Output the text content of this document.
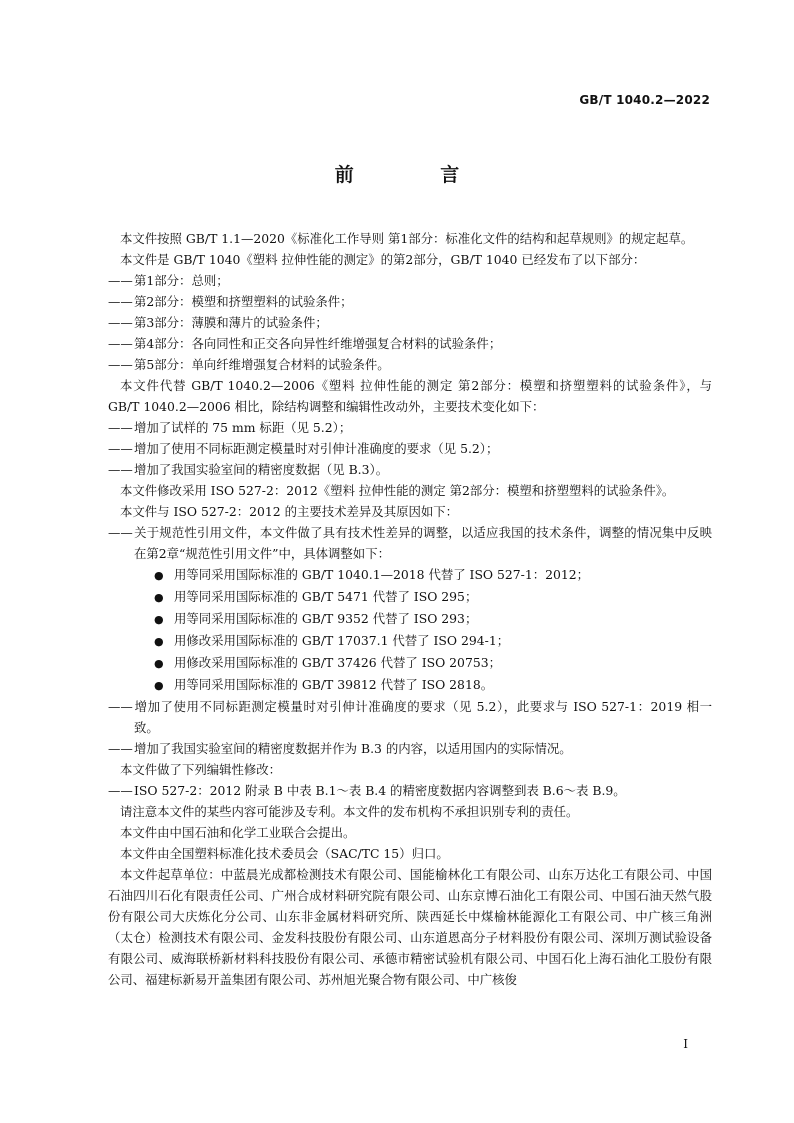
GB/T 1040.2—2022
前 言

本文件按照 GB/T 1.1—2020《标准化工作导则 第1部分：标准化文件的结构和起草规则》的规定起草。

本文件是 GB/T 1040《塑料 拉伸性能的测定》的第2部分，GB/T 1040 已经发布了以下部分：

——第1部分：总则；

——第2部分：模塑和挤塑塑料的试验条件；

——第3部分：薄膜和薄片的试验条件；

——第4部分：各向同性和正交各向异性纤维增强复合材料的试验条件；

——第5部分：单向纤维增强复合材料的试验条件。

本文件代替 GB/T 1040.2—2006《塑料 拉伸性能的测定 第2部分：模塑和挤塑塑料的试验条件》，与 GB/T 1040.2—2006 相比，除结构调整和编辑性改动外，主要技术变化如下：

——增加了试样的 75 mm 标距（见 5.2）；

——增加了使用不同标距测定模量时对引伸计准确度的要求（见 5.2）；

——增加了我国实验室间的精密度数据（见 B.3）。

本文件修改采用 ISO 527-2：2012《塑料 拉伸性能的测定 第2部分：模塑和挤塑塑料的试验条件》。

本文件与 ISO 527-2：2012 的主要技术差异及其原因如下：

——关于规范性引用文件，本文件做了具有技术性差异的调整，以适应我国的技术条件，调整的情况集中反映在第2章“规范性引用文件”中，具体调整如下：

● 用等同采用国际标准的 GB/T 1040.1—2018 代替了 ISO 527-1：2012；

● 用等同采用国际标准的 GB/T 5471 代替了 ISO 295；

● 用等同采用国际标准的 GB/T 9352 代替了 ISO 293；

● 用修改采用国际标准的 GB/T 17037.1 代替了 ISO 294-1；

● 用修改采用国际标准的 GB/T 37426 代替了 ISO 20753；

● 用等同采用国际标准的 GB/T 39812 代替了 ISO 2818。

——增加了使用不同标距测定模量时对引伸计准确度的要求（见 5.2），此要求与 ISO 527-1：2019 相一致。

——增加了我国实验室间的精密度数据并作为 B.3 的内容，以适用国内的实际情况。

本文件做了下列编辑性修改：

——ISO 527-2：2012 附录 B 中表 B.1～表 B.4 的精密度数据内容调整到表 B.6～表 B.9。

请注意本文件的某些内容可能涉及专利。本文件的发布机构不承担识别专利的责任。

本文件由中国石油和化学工业联合会提出。

本文件由全国塑料标准化技术委员会（SAC/TC 15）归口。

本文件起草单位：中蓝晨光成都检测技术有限公司、国能榆林化工有限公司、山东万达化工有限公司、中国石油四川石化有限责任公司、广州合成材料研究院有限公司、山东京博石油化工有限公司、中国石油天然气股份有限公司大庆炼化分公司、山东非金属材料研究所、陕西延长中煤榆林能源化工有限公司、中广核三角洲（太仓）检测技术有限公司、金发科技股份有限公司、山东道恩高分子材料股份有限公司、深圳万测试验设备有限公司、威海联桥新材料科技股份有限公司、承德市精密试验机有限公司、中国石化上海石油化工股份有限公司、福建标新易开盖集团有限公司、苏州旭光聚合物有限公司、中广核俊

I
